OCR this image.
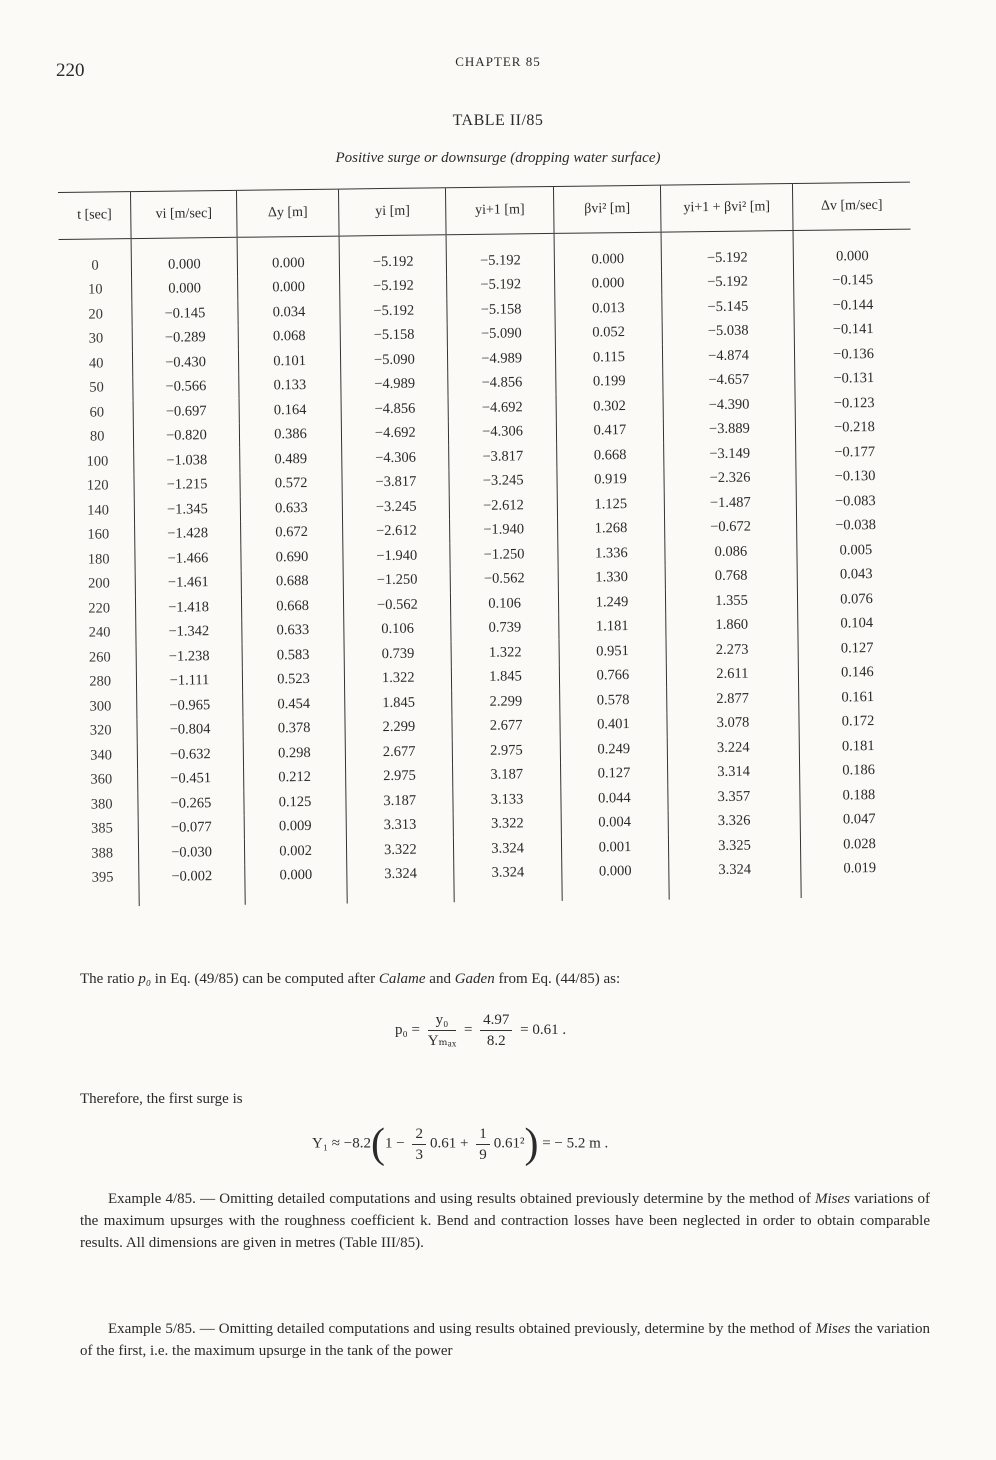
220	CHAPTER 85
TABLE II/85
Positive surge or downsurge (dropping water surface)
t [sec]	vi [m/sec]	Δy [m]	yi [m]	yi+1 [m]	βvi² [m]	yi+1 + βvi² [m]	Δv [m/sec]
0	0.000	0.000	−5.192	−5.192	0.000	−5.192	0.000
10	0.000	0.000	−5.192	−5.192	0.000	−5.192	−0.145
20	−0.145	0.034	−5.192	−5.158	0.013	−5.145	−0.144
30	−0.289	0.068	−5.158	−5.090	0.052	−5.038	−0.141
40	−0.430	0.101	−5.090	−4.989	0.115	−4.874	−0.136
50	−0.566	0.133	−4.989	−4.856	0.199	−4.657	−0.131
60	−0.697	0.164	−4.856	−4.692	0.302	−4.390	−0.123
80	−0.820	0.386	−4.692	−4.306	0.417	−3.889	−0.218
100	−1.038	0.489	−4.306	−3.817	0.668	−3.149	−0.177
120	−1.215	0.572	−3.817	−3.245	0.919	−2.326	−0.130
140	−1.345	0.633	−3.245	−2.612	1.125	−1.487	−0.083
160	−1.428	0.672	−2.612	−1.940	1.268	−0.672	−0.038
180	−1.466	0.690	−1.940	−1.250	1.336	0.086	0.005
200	−1.461	0.688	−1.250	−0.562	1.330	0.768	0.043
220	−1.418	0.668	−0.562	0.106	1.249	1.355	0.076
240	−1.342	0.633	0.106	0.739	1.181	1.860	0.104
260	−1.238	0.583	0.739	1.322	0.951	2.273	0.127
280	−1.111	0.523	1.322	1.845	0.766	2.611	0.146
300	−0.965	0.454	1.845	2.299	0.578	2.877	0.161
320	−0.804	0.378	2.299	2.677	0.401	3.078	0.172
340	−0.632	0.298	2.677	2.975	0.249	3.224	0.181
360	−0.451	0.212	2.975	3.187	0.127	3.314	0.186
380	−0.265	0.125	3.187	3.133	0.044	3.357	0.188
385	−0.077	0.009	3.313	3.322	0.004	3.326	0.047
388	−0.030	0.002	3.322	3.324	0.001	3.325	0.028
395	−0.002	0.000	3.324	3.324	0.000	3.324	0.019
The ratio p₀ in Eq. (49/85) can be computed after Calame and Gaden from Eq. (44/85) as:
$p_0 = \frac{\text{y₀}}{\text{Yₘₐₓ}} = \frac{4.97}{8.2} = 0.61$ .
Therefore, the first surge is
$Y_1 \approx -8.2(1 - \frac{2}{3} 0.61 + \frac{1}{9} 0.61^2)$ = − 5.2 m .
Example 4/85. — Omitting detailed computations and using results obtained previously determine by the method of Mises variations of the maximum upsurges with the roughness coefficient k. Bend and contraction losses have been neglected in order to obtain comparable results. All dimensions are given in metres (Table III/85).
Example 5/85. — Omitting detailed computations and using results obtained previously, determine by the method of Mises the variation of the first, i.e. the maximum upsurge in the tank of the power
